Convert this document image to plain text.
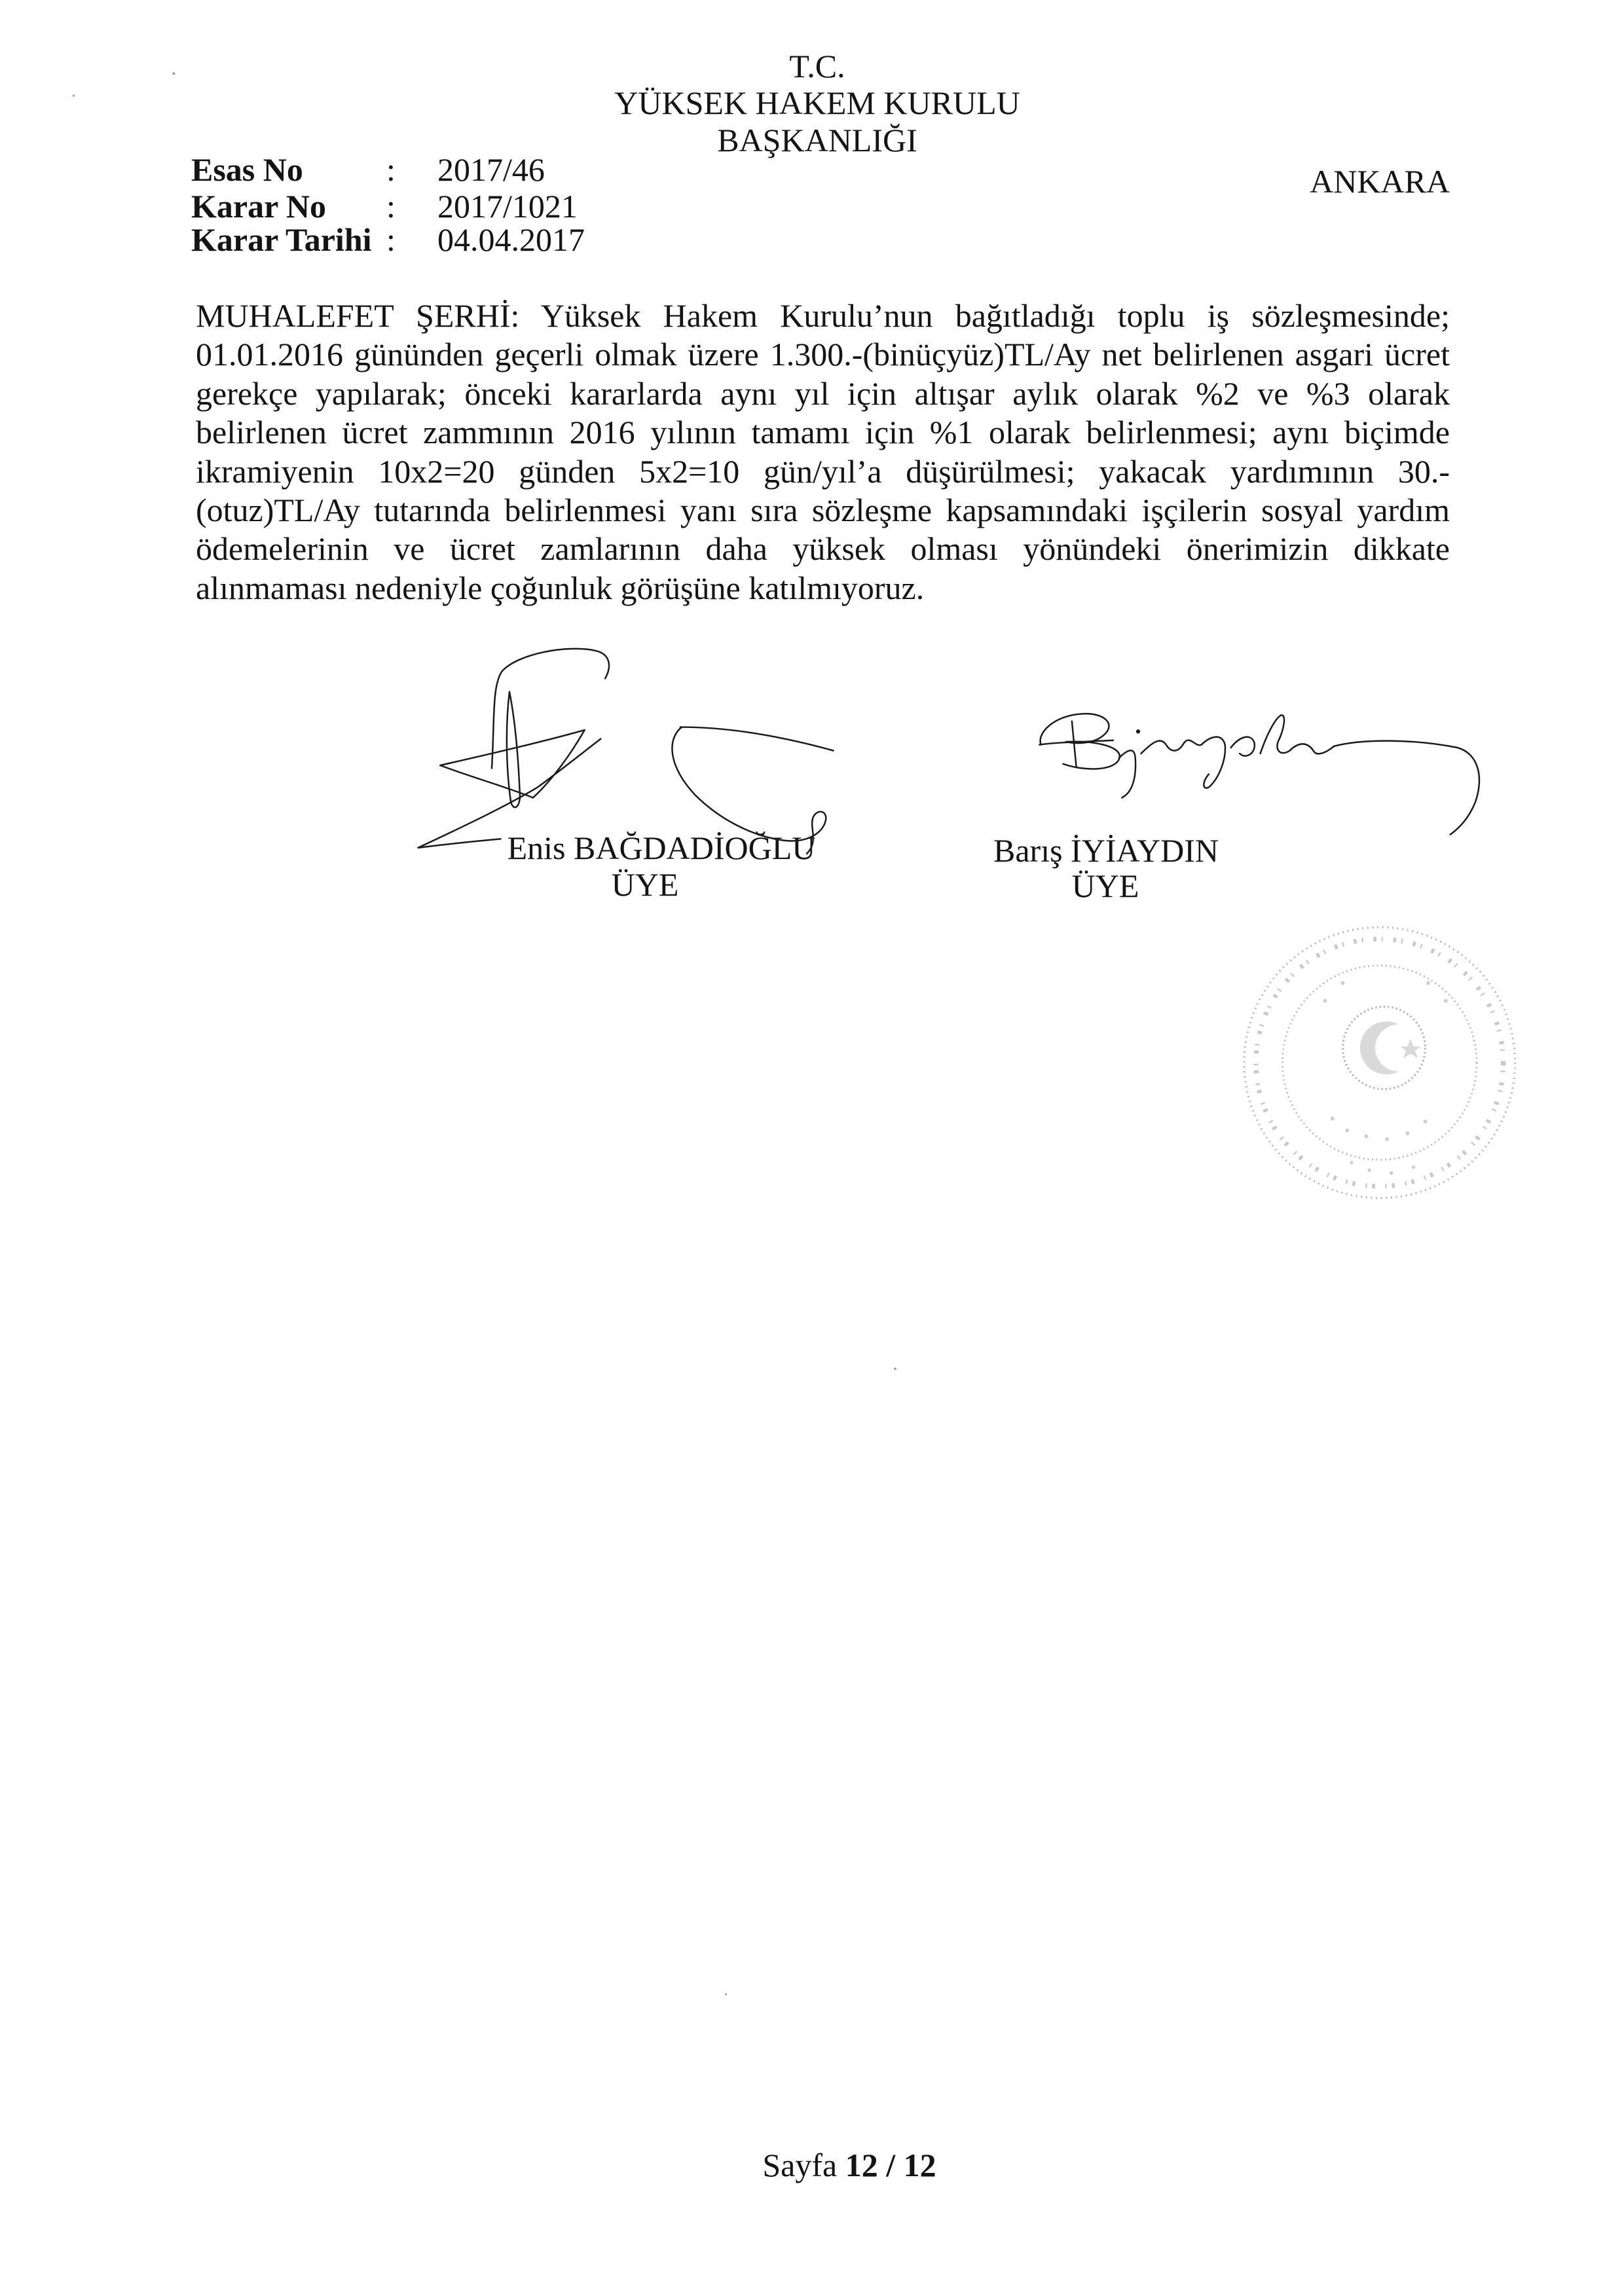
T.C.
YÜKSEK HAKEM KURULU
BAŞKANLIĞI
Esas No	: 2017/46
Karar No : 2017/1021
Karar Tarihi : 04.04.2017
ANKARA
MUHALEFET ŞERHİ: Yüksek Hakem Kurulu’nun bağıtladığı toplu iş sözleşmesinde;
01.01.2016 gününden geçerli olmak üzere 1.300.-(binüçyüz)TL/Ay net belirlenen asgari ücret
gerekçe yapılarak; önceki kararlarda aynı yıl için altışar aylık olarak %2 ve %3 olarak
belirlenen ücret zammının 2016 yılının tamamı için %1 olarak belirlenmesi; aynı biçimde
ikramiyenin 10x2=20 günden 5x2=10 gün/yıl’a düşürülmesi; yakacak yardımının 30.-
(otuz)TL/Ay tutarında belirlenmesi yanı sıra sözleşme kapsamındaki işçilerin sosyal yardım
ödemelerinin ve ücret zamlarının daha yüksek olması yönündeki önerimizin dikkate
alınmaması nedeniyle çoğunluk görüşüne katılmıyoruz.
Enis BAĞDADİOĞLU
ÜYE
Barış İYİAYDIN
ÜYE
Sayfa 12 / 12
